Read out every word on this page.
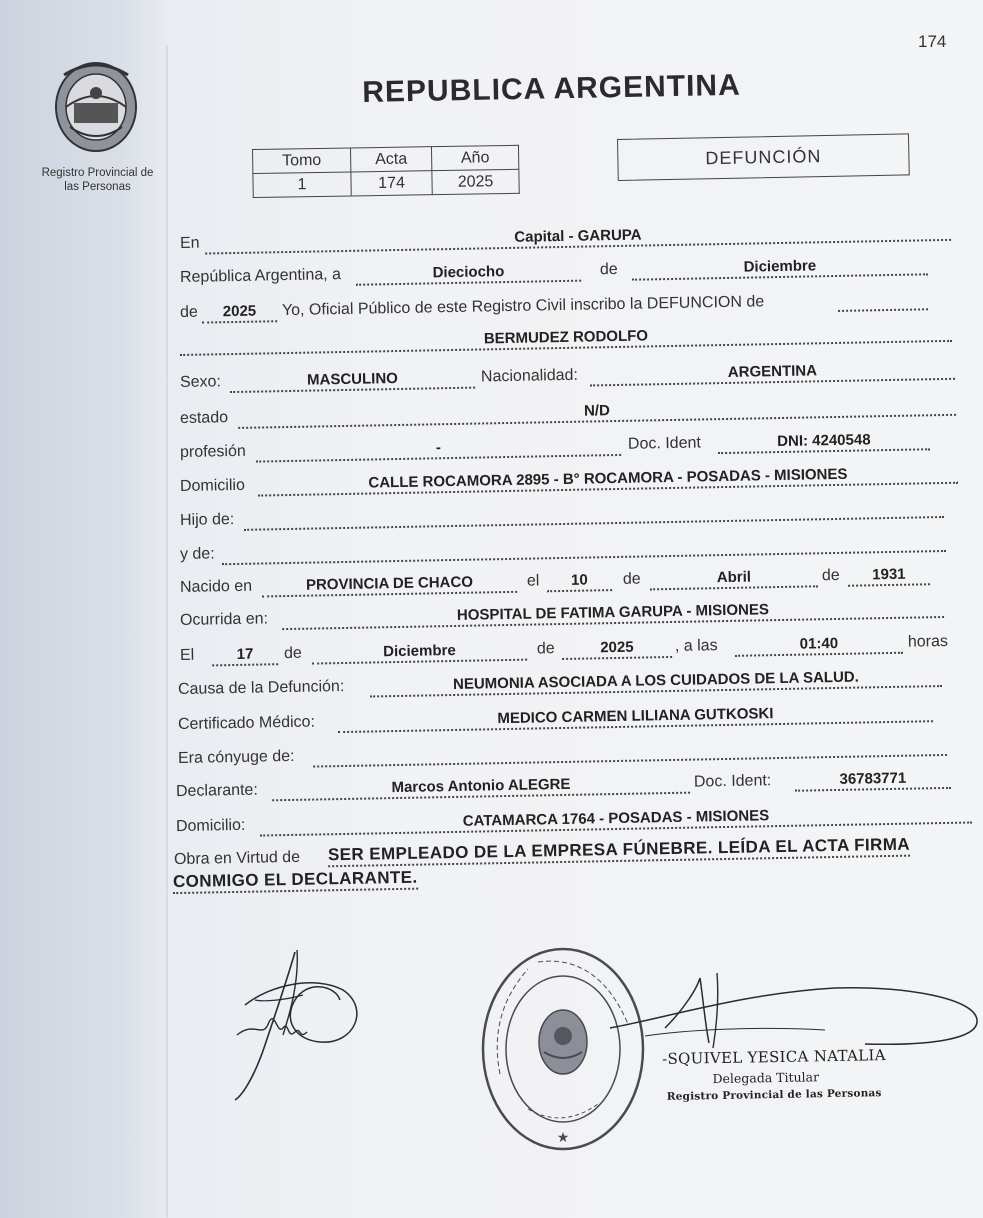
174
Registro Provincial de
las Personas
REPUBLICA ARGENTINA
Tomo	Acta	Año
1	174	2025
DEFUNCIÓN
En	Capital - GARUPA
República Argentina, a	Dieciocho	de	Diciembre
de	2025	Yo, Oficial Público de este Registro Civil inscribo la DEFUNCION de
BERMUDEZ RODOLFO
Sexo:	MASCULINO	Nacionalidad:	ARGENTINA
estado	N/D
profesión	-	Doc. Ident	DNI: 4240548
Domicilio	CALLE ROCAMORA 2895 - B° ROCAMORA - POSADAS - MISIONES
Hijo de:
y de:
Nacido en	PROVINCIA DE CHACO	el	10	de	Abril	de	1931
Ocurrida en:	HOSPITAL DE FATIMA GARUPA - MISIONES
El	17	de	Diciembre	de	2025	, a las	01:40	horas
Causa de la Defunción:	NEUMONIA ASOCIADA A LOS CUIDADOS DE LA SALUD.
Certificado Médico:	MEDICO CARMEN LILIANA GUTKOSKI
Era cónyuge de:
Declarante:	Marcos Antonio ALEGRE	Doc. Ident:	36783771
Domicilio:	CATAMARCA 1764 - POSADAS - MISIONES
Obra en Virtud de SER EMPLEADO DE LA EMPRESA FÚNEBRE. LEÍDA EL ACTA FIRMA
CONMIGO EL DECLARANTE.
★
-SQUIVEL YESICA NATALIA
Delegada Titular
Registro Provincial de las Personas
